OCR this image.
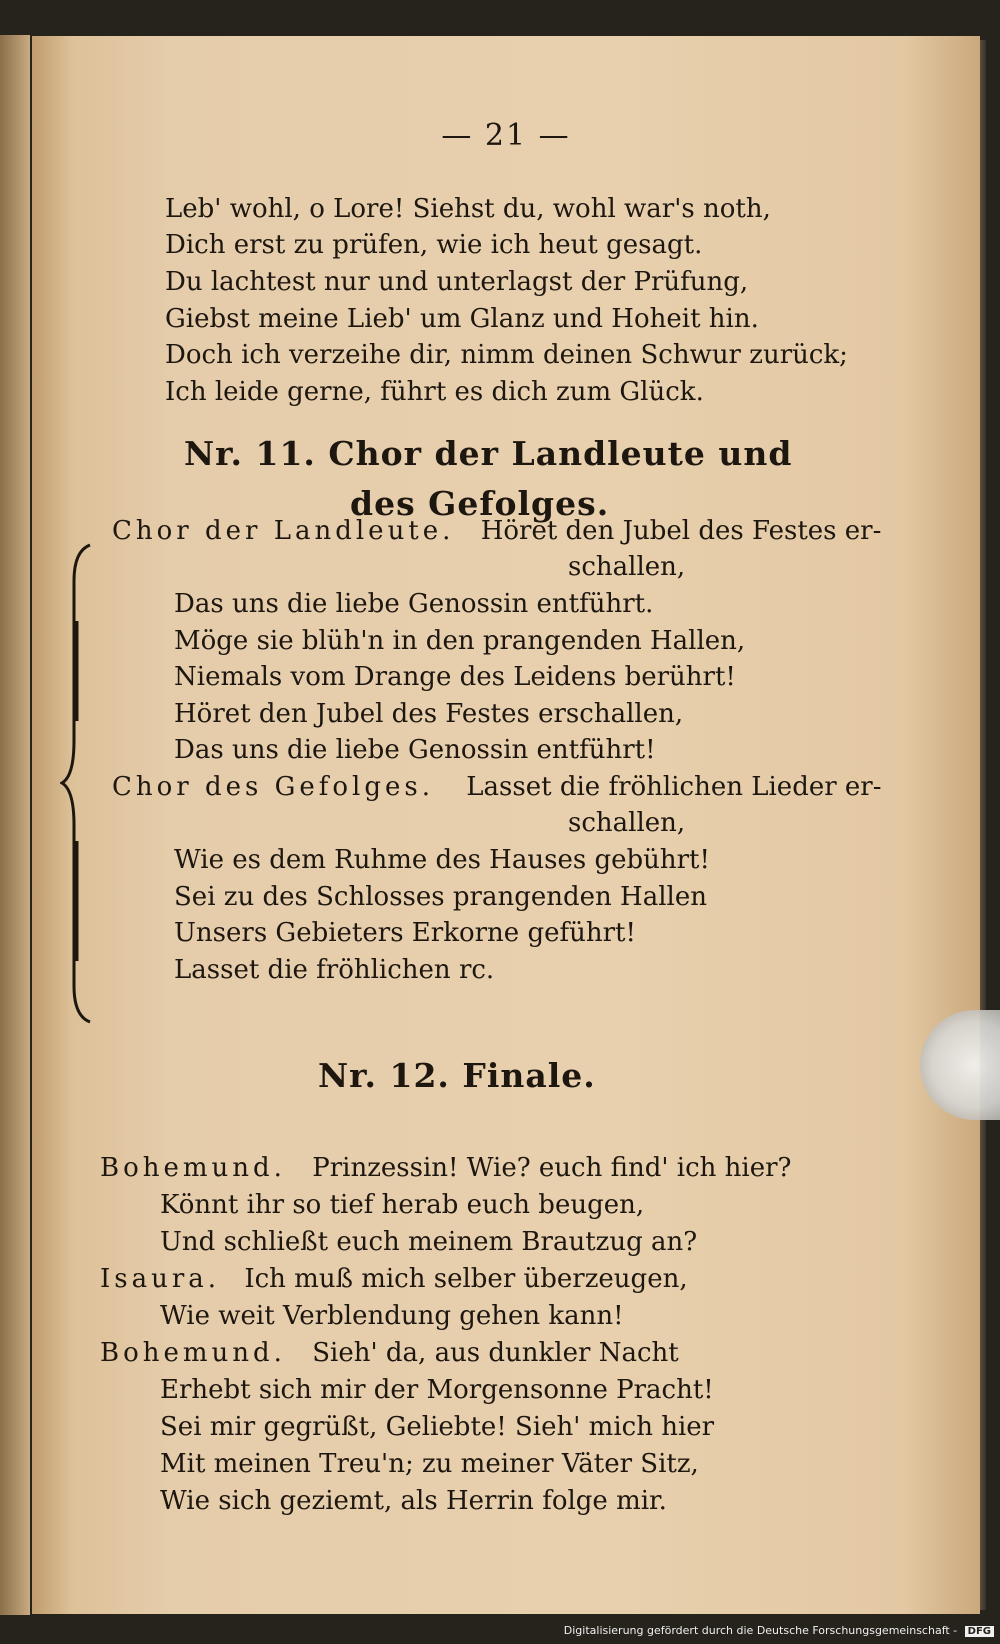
— 21 —
Leb' wohl, o Lore! Siehst du, wohl war's noth,
Dich erst zu prüfen, wie ich heut gesagt.
Du lachtest nur und unterlagst der Prüfung,
Giebst meine Lieb' um Glanz und Hoheit hin.
Doch ich verzeihe dir, nimm deinen Schwur zurück;
Ich leide gerne, führt es dich zum Glück.
Nr. 11. Chor der Landleute und
des Gefolges.
Chor der Landleute. Höret den Jubel des Festes er-
schallen,
Das uns die liebe Genossin entführt.
Möge sie blüh'n in den prangenden Hallen,
Niemals vom Drange des Leidens berührt!
Höret den Jubel des Festes erschallen,
Das uns die liebe Genossin entführt!
Chor des Gefolges. Lasset die fröhlichen Lieder er-
schallen,
Wie es dem Ruhme des Hauses gebührt!
Sei zu des Schlosses prangenden Hallen
Unsers Gebieters Erkorne geführt!
Lasset die fröhlichen rc.
Nr. 12. Finale.
Bohemund. Prinzessin! Wie? euch find' ich hier?
Könnt ihr so tief herab euch beugen,
Und schließt euch meinem Brautzug an?
Isaura. Ich muß mich selber überzeugen,
Wie weit Verblendung gehen kann!
Bohemund. Sieh' da, aus dunkler Nacht
Erhebt sich mir der Morgensonne Pracht!
Sei mir gegrüßt, Geliebte! Sieh' mich hier
Mit meinen Treu'n; zu meiner Väter Sitz,
Wie sich geziemt, als Herrin folge mir.
Digitalisierung gefördert durch die Deutsche Forschungsgemeinschaft - DFG
